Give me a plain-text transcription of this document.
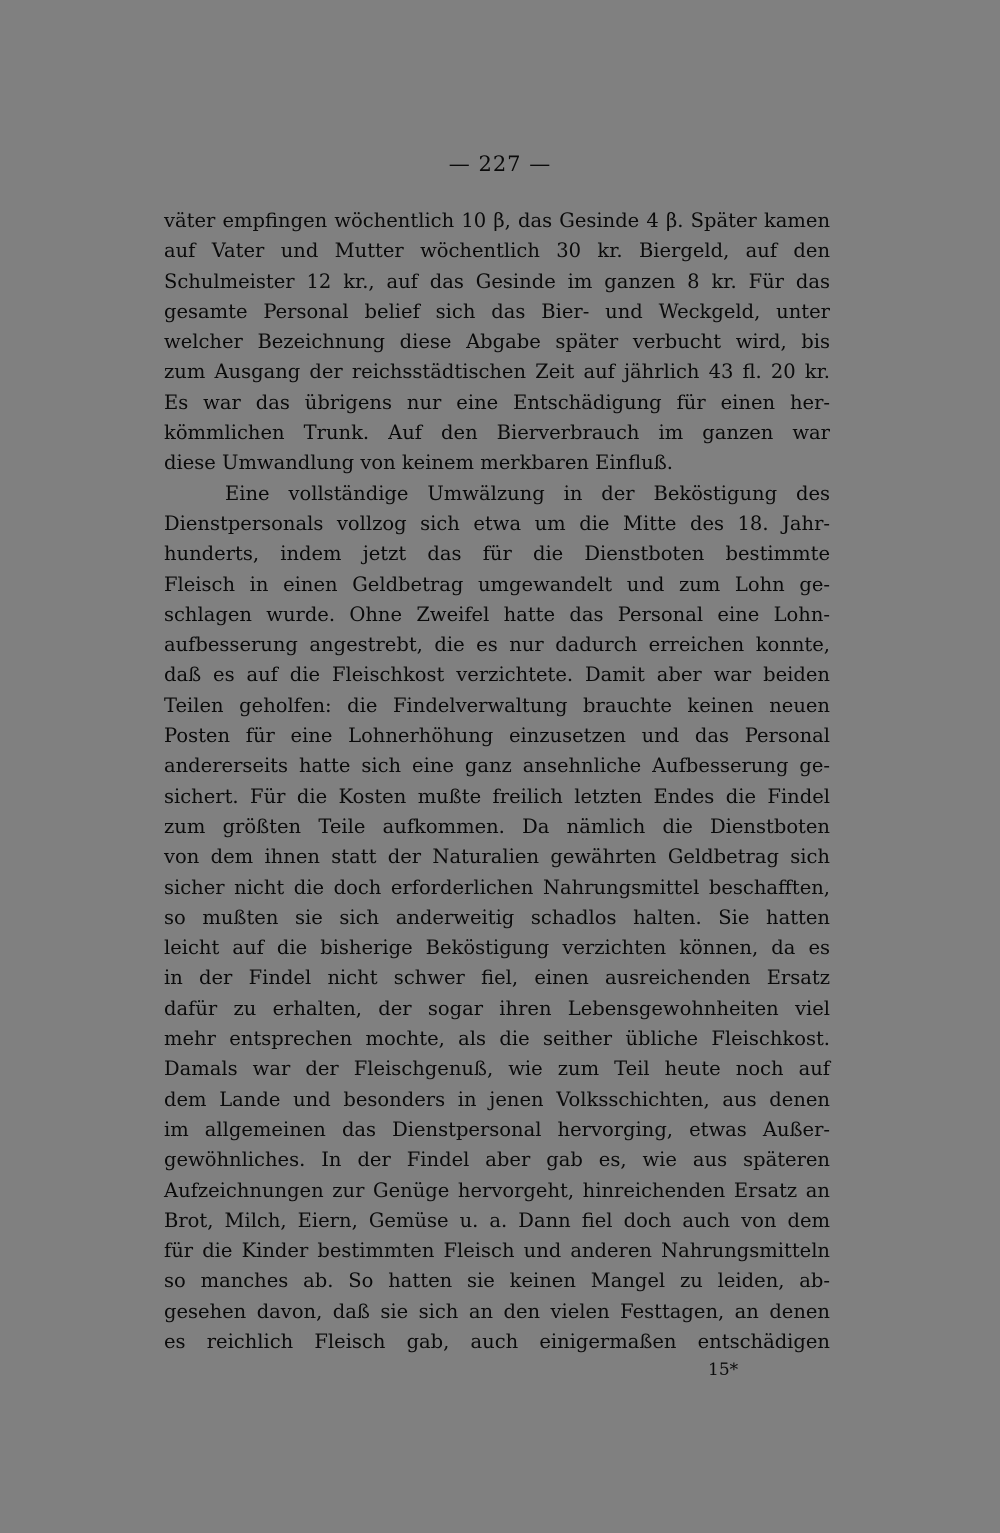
— 227 —
väter empfingen wöchentlich 10 β, das Gesinde 4 β. Später kamen
auf Vater und Mutter wöchentlich 30 kr. Biergeld, auf den
Schulmeister 12 kr., auf das Gesinde im ganzen 8 kr. Für das
gesamte Personal belief sich das Bier- und Weckgeld, unter
welcher Bezeichnung diese Abgabe später verbucht wird, bis
zum Ausgang der reichsstädtischen Zeit auf jährlich 43 fl. 20 kr.
Es war das übrigens nur eine Entschädigung für einen her-
kömmlichen Trunk. Auf den Bierverbrauch im ganzen war
diese Umwandlung von keinem merkbaren Einfluß.
Eine vollständige Umwälzung in der Beköstigung des
Dienstpersonals vollzog sich etwa um die Mitte des 18. Jahr-
hunderts, indem jetzt das für die Dienstboten bestimmte
Fleisch in einen Geldbetrag umgewandelt und zum Lohn ge-
schlagen wurde. Ohne Zweifel hatte das Personal eine Lohn-
aufbesserung angestrebt, die es nur dadurch erreichen konnte,
daß es auf die Fleischkost verzichtete. Damit aber war beiden
Teilen geholfen: die Findelverwaltung brauchte keinen neuen
Posten für eine Lohnerhöhung einzusetzen und das Personal
andererseits hatte sich eine ganz ansehnliche Aufbesserung ge-
sichert. Für die Kosten mußte freilich letzten Endes die Findel
zum größten Teile aufkommen. Da nämlich die Dienstboten
von dem ihnen statt der Naturalien gewährten Geldbetrag sich
sicher nicht die doch erforderlichen Nahrungsmittel beschafften,
so mußten sie sich anderweitig schadlos halten. Sie hatten
leicht auf die bisherige Beköstigung verzichten können, da es
in der Findel nicht schwer fiel, einen ausreichenden Ersatz
dafür zu erhalten, der sogar ihren Lebensgewohnheiten viel
mehr entsprechen mochte, als die seither übliche Fleischkost.
Damals war der Fleischgenuß, wie zum Teil heute noch auf
dem Lande und besonders in jenen Volksschichten, aus denen
im allgemeinen das Dienstpersonal hervorging, etwas Außer-
gewöhnliches. In der Findel aber gab es, wie aus späteren
Aufzeichnungen zur Genüge hervorgeht, hinreichenden Ersatz an
Brot, Milch, Eiern, Gemüse u. a. Dann fiel doch auch von dem
für die Kinder bestimmten Fleisch und anderen Nahrungsmitteln
so manches ab. So hatten sie keinen Mangel zu leiden, ab-
gesehen davon, daß sie sich an den vielen Festtagen, an denen
es reichlich Fleisch gab, auch einigermaßen entschädigen
15*
